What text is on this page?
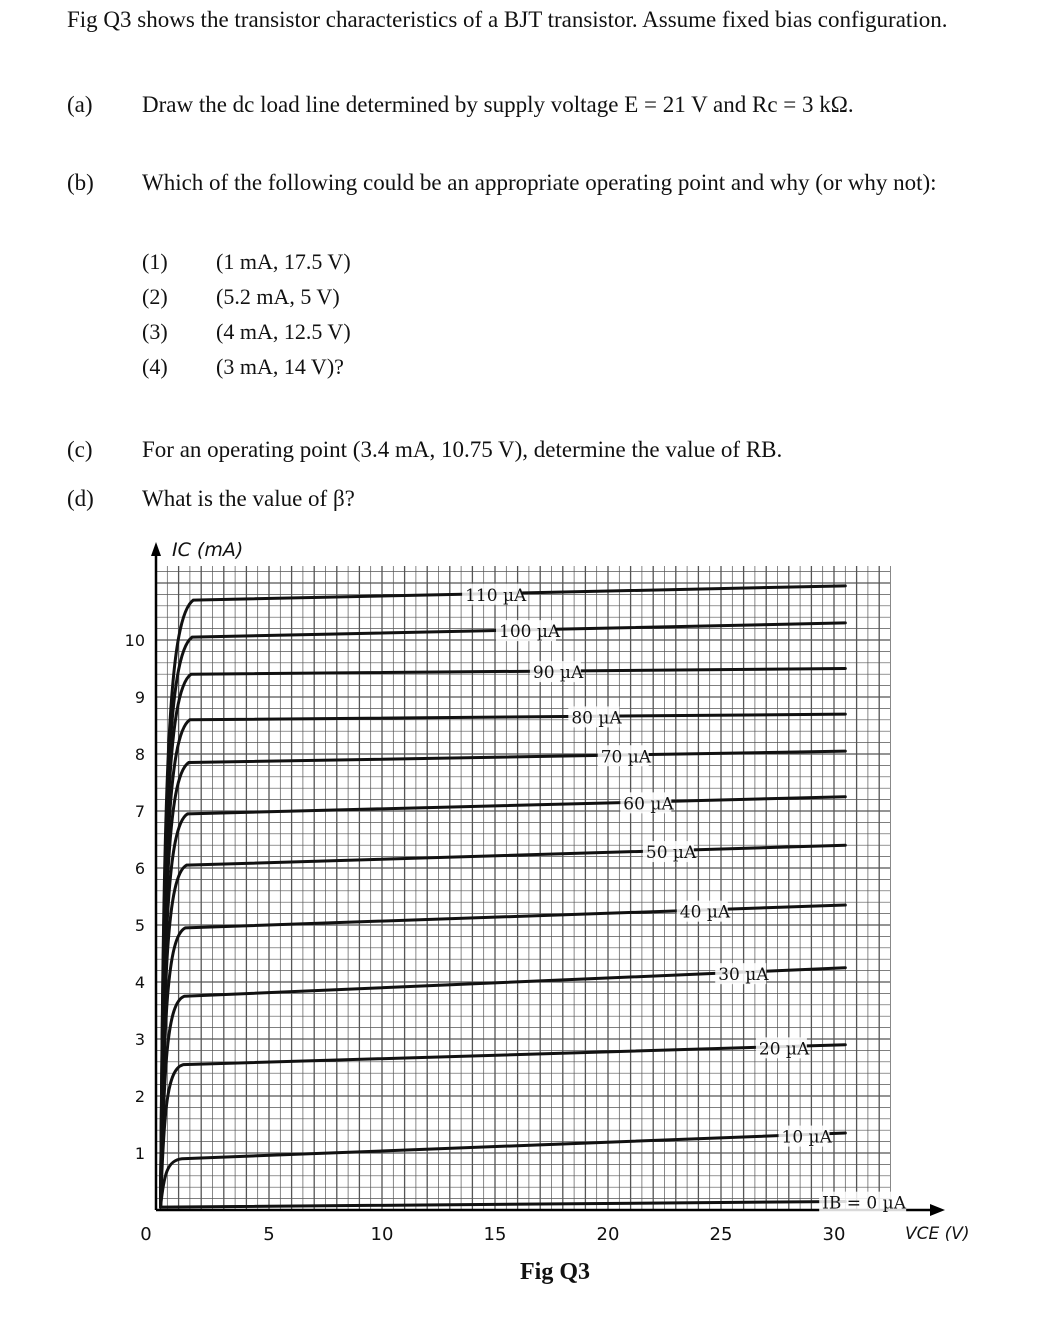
Fig Q3 shows the transistor characteristics of a BJT transistor. Assume fixed bias configuration.
(a) Draw the dc load line determined by supply voltage E = 21 V and Rc = 3 kΩ.
(b) Which of the following could be an appropriate operating point and why (or why not):
(1) (1 mA, 17.5 V)
(2) (5.2 mA, 5 V)
(3) (4 mA, 12.5 V)
(4) (3 mA, 14 V)?
(c) For an operating point (3.4 mA, 10.75 V), determine the value of RB.
(d) What is the value of β?
0	5	10	15	20	25	30
1
2
3
4
5
6
7
8
9
10
IC (mA)
VCE (V)
IB = 0 µA
10 µA
20 µA
30 µA
40 µA
50 µA
60 µA
70 µA
80 µA
90 µA
100 µA
110 µA
Fig Q3
